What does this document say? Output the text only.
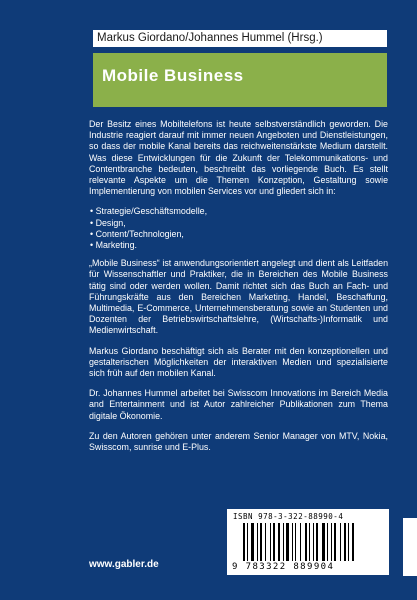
Markus Giordano/Johannes Hummel (Hrsg.)
Mobile Business

Der Besitz eines Mobiltelefons ist heute selbstverständlich geworden. Die Industrie reagiert darauf mit immer neuen Angeboten und Dienstleistungen, so dass der mobile Kanal bereits das reichweitenstärkste Medium darstellt. Was diese Entwicklungen für die Zukunft der Telekommunikations- und Contentbranche bedeuten, beschreibt das vorliegende Buch. Es stellt relevante Aspekte um die Themen Konzeption, Gestaltung sowie Implementierung von mobilen Services vor und gliedert sich in:

• Strategie/Geschäftsmodelle,
• Design,
• Content/Technologien,
• Marketing.

„Mobile Business“ ist anwendungsorientiert angelegt und dient als Leitfaden für Wissenschaftler und Praktiker, die in Bereichen des Mobile Business tätig sind oder werden wollen. Damit richtet sich das Buch an Fach- und Führungskräfte aus den Bereichen Marketing, Handel, Beschaffung, Multimedia, E-Commerce, Unternehmensberatung sowie an Studenten und Dozenten der Betriebswirtschaftslehre, (Wirtschafts-)Informatik und Medienwirtschaft.

Markus Giordano beschäftigt sich als Berater mit den konzeptionellen und gestalterischen Möglichkeiten der interaktiven Medien und spezialisierte sich früh auf den mobilen Kanal.

Dr. Johannes Hummel arbeitet bei Swisscom Innovations im Bereich Media and Entertainment und ist Autor zahlreicher Publikationen zum Thema digitale Ökonomie.

Zu den Autoren gehören unter anderem Senior Manager von MTV, Nokia, Swisscom, sunrise und E-Plus.

www.gabler.de
ISBN 978-3-322-88990-4
9 783322 889904
